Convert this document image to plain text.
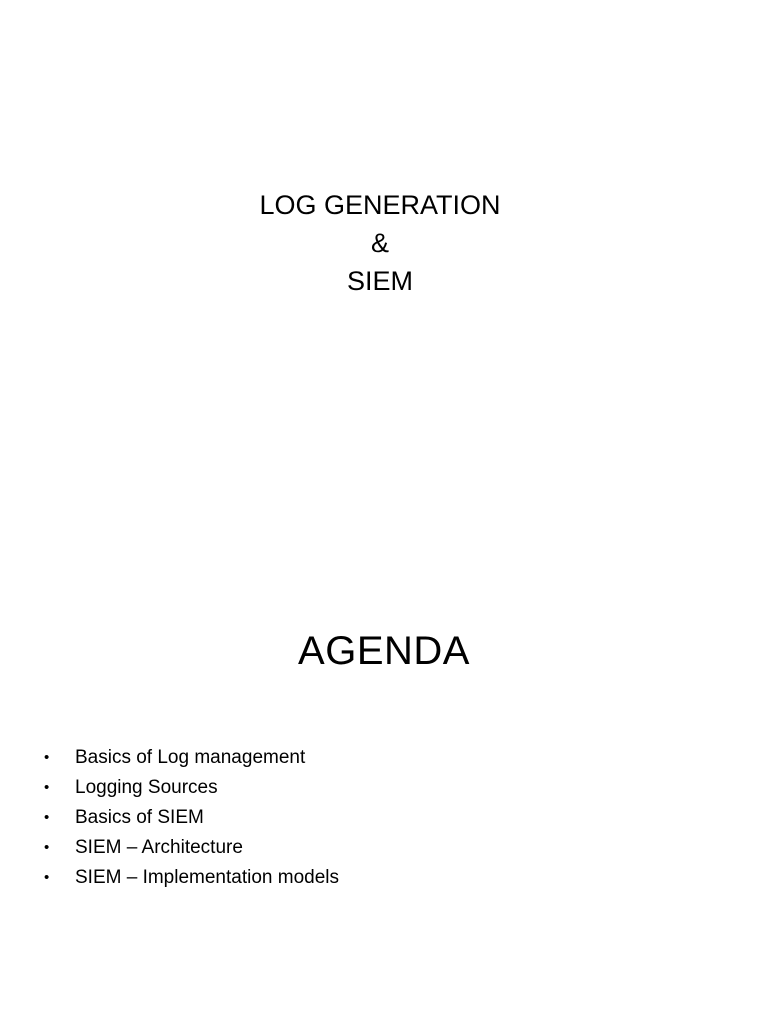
LOG GENERATION
&
SIEM
AGENDA
• Basics of Log management
• Logging Sources
• Basics of SIEM
• SIEM – Architecture
• SIEM – Implementation models
